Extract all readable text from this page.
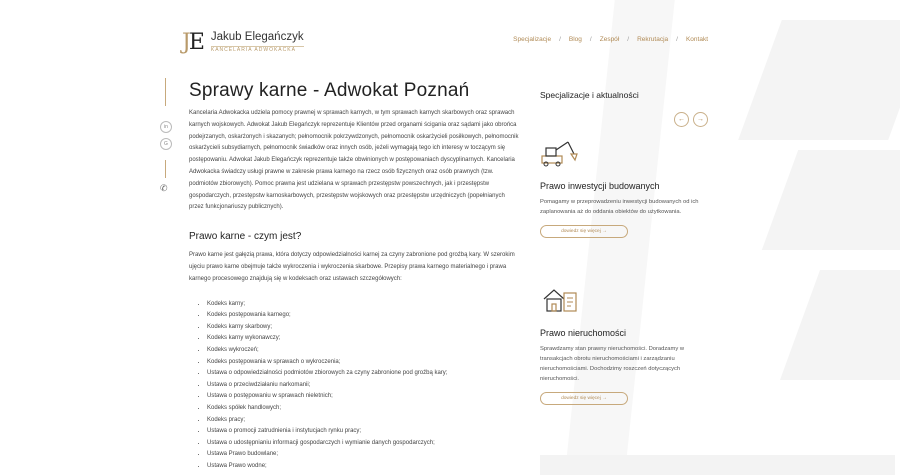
JE Jakub Elegańczyk
KANCELARIA ADWOKACKA
Specjalizacje / Blog / Zespół / Rekrutacja / Kontakt
in
G
✆
Sprawy karne - Adwokat Poznań

Kancelaria Adwokacka udziela pomocy prawnej w sprawach karnych, w tym sprawach karnych skarbowych oraz sprawach karnych wojskowych. Adwokat Jakub Elegańczyk reprezentuje Klientów przed organami ścigania oraz sądami jako obrońca podejrzanych, oskarżonych i skazanych; pełnomocnik pokrzywdzonych, pełnomocnik oskarżycieli posiłkowych, pełnomocnik oskarżycieli subsydiarnych, pełnomocnik świadków oraz innych osób, jeżeli wymagają tego ich interesy w toczącym się postępowaniu. Adwokat Jakub Elegańczyk reprezentuje także obwinionych w postępowaniach dyscyplinarnych. Kancelaria Adwokacka świadczy usługi prawne w zakresie prawa karnego na rzecz osób fizycznych oraz osób prawnych (tzw. podmiotów zbiorowych). Pomoc prawna jest udzielana w sprawach przestępstw powszechnych, jak i przestępstw gospodarczych, przestępstw karnoskarbowych, przestępstw wojskowych oraz przestępstw urzędniczych (popełnianych przez funkcjonariuszy publicznych).

Prawo karne - czym jest?

Prawo karne jest gałęzią prawa, która dotyczy odpowiedzialności karnej za czyny zabronione pod groźbą kary. W szerokim ujęciu prawo karne obejmuje także wykroczenia i wykroczenia skarbowe. Przepisy prawa karnego materialnego i prawa karnego procesowego znajdują się w kodeksach oraz ustawach szczegółowych:

• Kodeks karny;
• Kodeks postępowania karnego;
• Kodeks karny skarbowy;
• Kodeks karny wykonawczy;
• Kodeks wykroczeń;
• Kodeks postępowania w sprawach o wykroczenia;
• Ustawa o odpowiedzialności podmiotów zbiorowych za czyny zabronione pod groźbą kary;
• Ustawa o przeciwdziałaniu narkomanii;
• Ustawa o postępowaniu w sprawach nieletnich;
• Kodeks spółek handlowych;
• Kodeks pracy;
• Ustawa o promocji zatrudnienia i instytucjach rynku pracy;
• Ustawa o udostępnianiu informacji gospodarczych i wymianie danych gospodarczych;
• Ustawa Prawo budowlane;
• Ustawa Prawo wodne;

Specjalizacje i aktualności

←	→

Prawo inwestycji budowanych

Pomagamy w przeprowadzeniu inwestycji budowanych od ich zaplanowania aż do oddania obiektów do użytkowania.

dowiedz się więcej →

Prawo nieruchomości

Sprawdzamy stan prawny nieruchomości. Doradzamy w transakcjach obrotu nieruchomościami i zarządzaniu nieruchomościami. Dochodzimy roszczeń dotyczących nieruchomości.

dowiedz się więcej →
